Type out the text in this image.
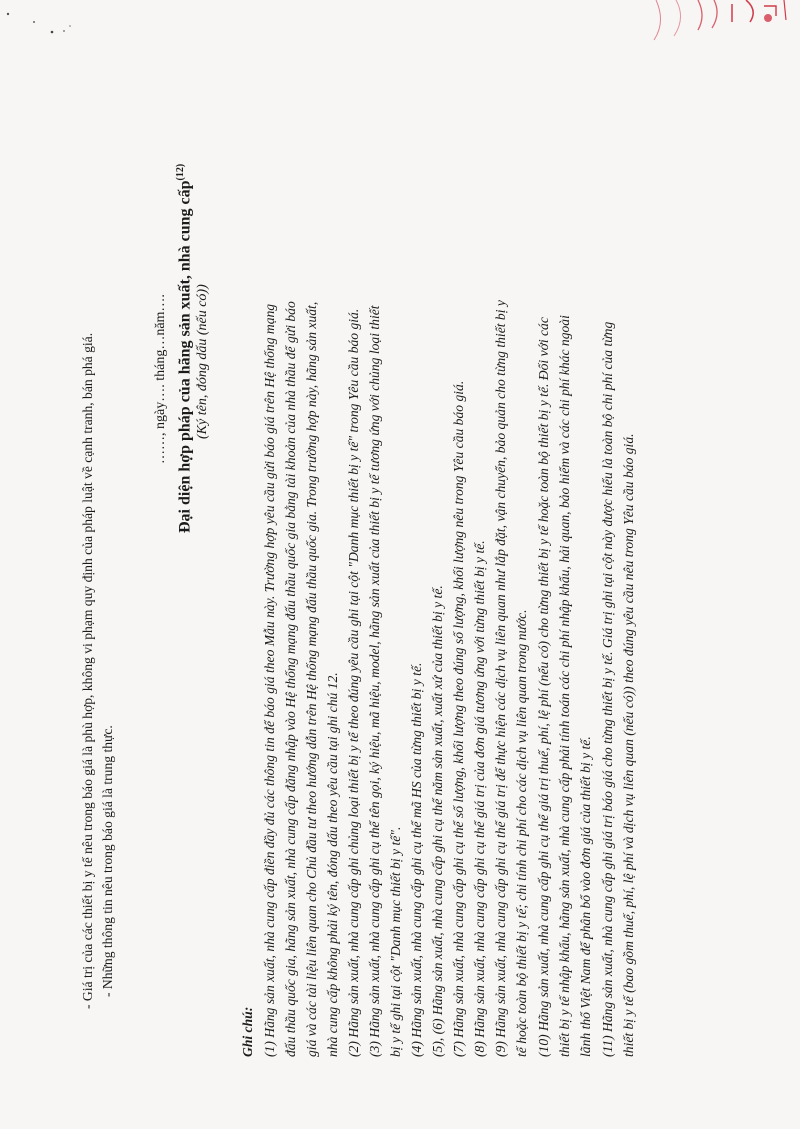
- Giá trị của các thiết bị y tế nêu trong báo giá là phù hợp, không vi phạm quy định của pháp luật về cạnh tranh, bán phá giá. - Những thông tin nêu trong báo giá là trung thực.
……, ngày…. tháng…năm…. Đại diện hợp pháp của hãng sản xuất, nhà cung cấp$^{(12)}$
(Ký tên, đóng dấu (nếu có))
Ghi chú: (1) Hãng sản xuất, nhà cung cấp điền đầy đủ các thông tin để báo giá theo Mẫu này. Trường hợp yêu cầu gửi báo giá trên Hệ thống mạng đấu thầu quốc gia, hãng sản xuất, nhà cung cấp đăng nhập vào Hệ thống mạng đấu thầu quốc gia bằng tài khoản của nhà thầu để gửi báo giá và các tài liệu liên quan cho Chủ đầu tư theo hướng dẫn trên Hệ thống mạng đấu thầu quốc gia. Trong trường hợp này, hãng sản xuất, nhà cung cấp không phải ký tên, đóng dấu theo yêu cầu tại ghi chú 12. (2) Hãng sản xuất, nhà cung cấp ghi chủng loại thiết bị y tế theo đúng yêu cầu ghi tại cột "Danh mục thiết bị y tế" trong Yêu cầu báo giá. (3) Hãng sản xuất, nhà cung cấp ghi cụ thể tên gọi, ký hiệu, mã hiệu, model, hãng sản xuất của thiết bị y tế tương ứng với chủng loại thiết bị y tế ghi tại cột "Danh mục thiết bị y tế". (4) Hãng sản xuất, nhà cung cấp ghi cụ thể mã HS của từng thiết bị y tế. (5), (6) Hãng sản xuất, nhà cung cấp ghi cụ thể năm sản xuất, xuất xứ của thiết bị y tế. (7) Hãng sản xuất, nhà cung cấp ghi cụ thể số lượng, khối lượng theo đúng số lượng, khối lượng nêu trong Yêu cầu báo giá. (8) Hãng sản xuất, nhà cung cấp ghi cụ thể giá trị của đơn giá tương ứng với từng thiết bị y tế. (9) Hãng sản xuất, nhà cung cấp ghi cụ thể giá trị để thực hiện các dịch vụ liên quan như lắp đặt, vận chuyển, bảo quản cho từng thiết bị y tế hoặc toàn bộ thiết bị y tế; chi tính chi phí cho các dịch vụ liên quan trong nước. (10) Hãng sản xuất, nhà cung cấp ghi cụ thể giá trị thuế, phí, lệ phí (nếu có) cho từng thiết bị y tế hoặc toàn bộ thiết bị y tế. Đối với các thiết bị y tế nhập khẩu, hãng sản xuất, nhà cung cấp phải tính toán các chi phí nhập khẩu, hải quan, bảo hiểm và các chi phí khác ngoài lãnh thổ Việt Nam để phân bổ vào đơn giá của thiết bị y tế. (11) Hãng sản xuất, nhà cung cấp ghi giá trị báo giá cho từng thiết bị y tế. Giá trị ghi tại cột này được hiểu là toàn bộ chi phí của từng thiết bị y tế (bao gồm thuế, phí, lệ phí và dịch vụ liên quan (nếu có)) theo đúng yêu cầu nêu trong Yêu cầu báo giá.
